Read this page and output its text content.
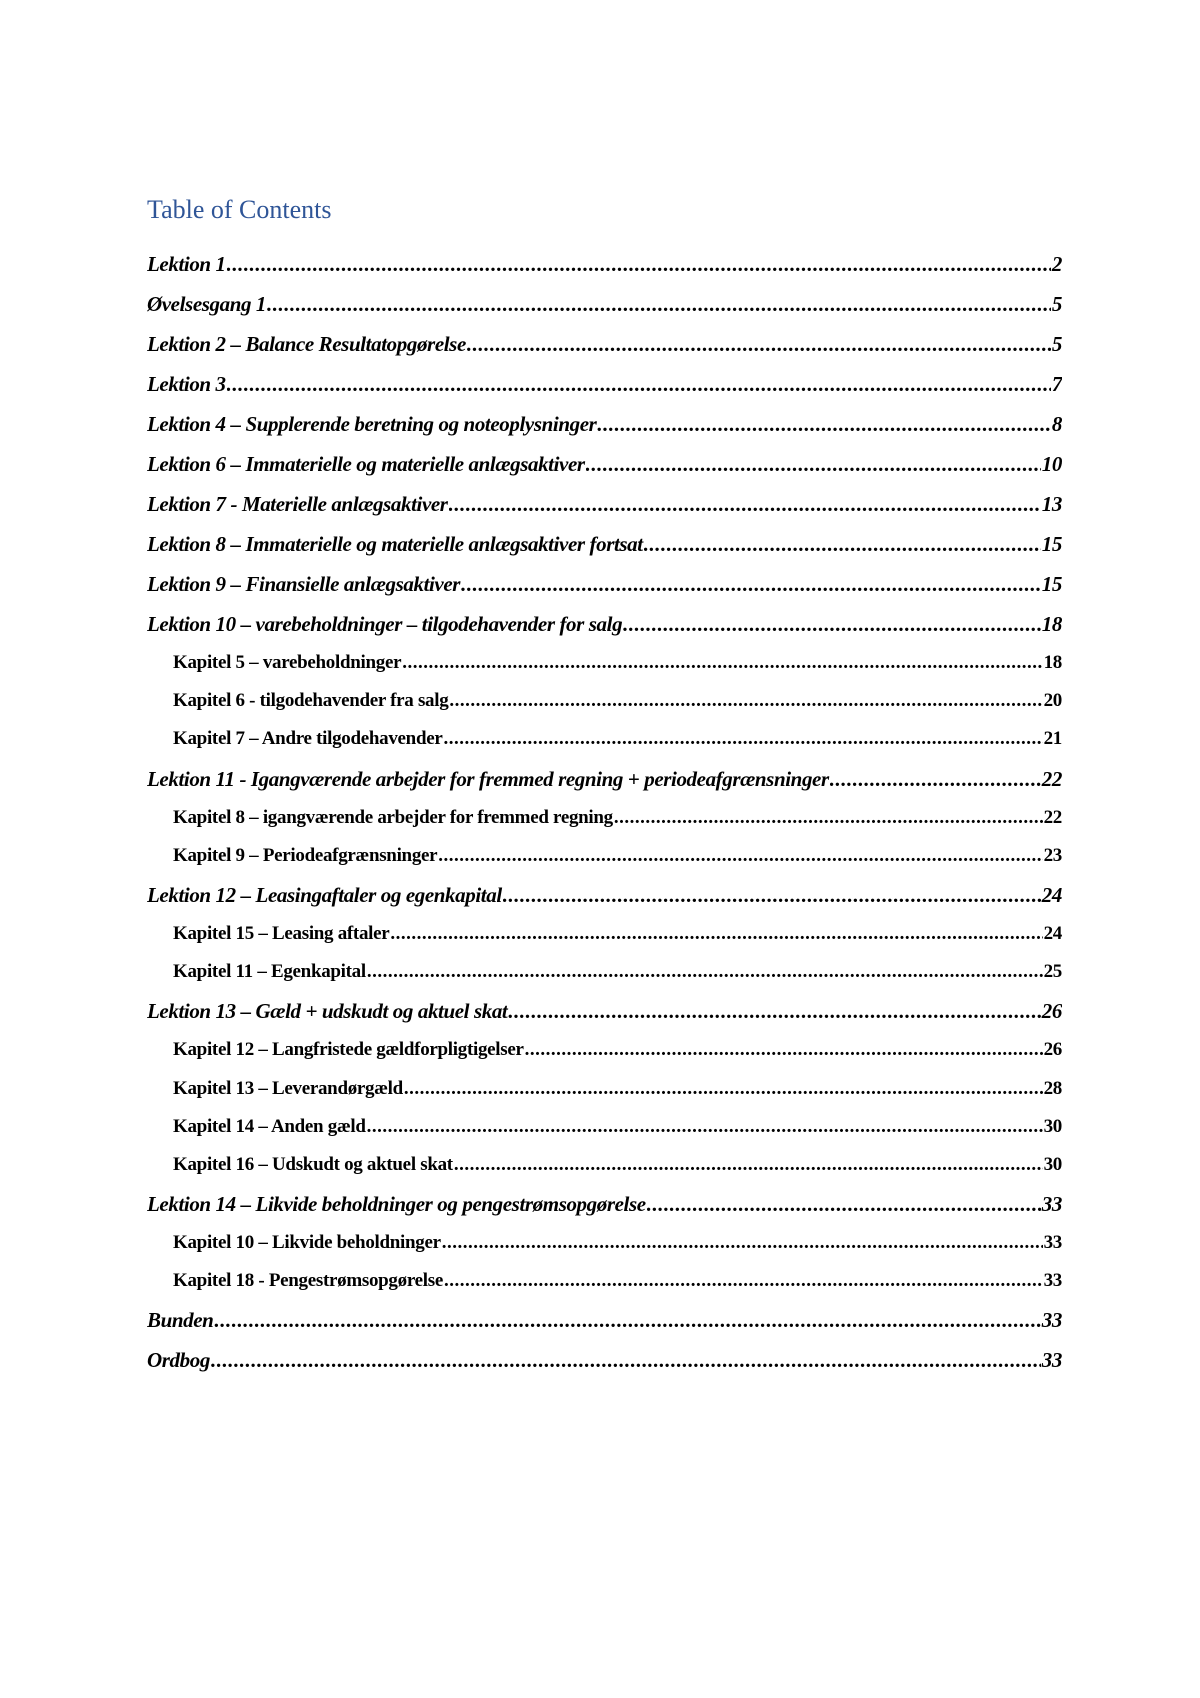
Table of Contents
Lektion 1 .....	2
Øvelsesgang 1 .....	5
Lektion 2 – Balance Resultatopgørelse .....	5
Lektion 3 .....	7
Lektion 4 – Supplerende beretning og noteoplysninger .....	8
Lektion 6 – Immaterielle og materielle anlægsaktiver .....	10
Lektion 7 - Materielle anlægsaktiver .....	13
Lektion 8 – Immaterielle og materielle anlægsaktiver fortsat .....	15
Lektion 9 – Finansielle anlægsaktiver .....	15
Lektion 10 – varebeholdninger – tilgodehavender for salg .....	18
Kapitel 5 – varebeholdninger .....	18
Kapitel 6 - tilgodehavender fra salg .....	20
Kapitel 7 – Andre tilgodehavender .....	21
Lektion 11 - Igangværende arbejder for fremmed regning + periodeafgrænsninger .....	22
Kapitel 8 – igangværende arbejder for fremmed regning .....	22
Kapitel 9 – Periodeafgrænsninger .....	23
Lektion 12 – Leasingaftaler og egenkapital .....	24
Kapitel 15 – Leasing aftaler .....	24
Kapitel 11 – Egenkapital .....	25
Lektion 13 – Gæld + udskudt og aktuel skat .....	26
Kapitel 12 – Langfristede gældforpligtigelser .....	26
Kapitel 13 – Leverandørgæld .....	28
Kapitel 14 – Anden gæld .....	30
Kapitel 16 – Udskudt og aktuel skat .....	30
Lektion 14 – Likvide beholdninger og pengestrømsopgørelse .....	33
Kapitel 10 – Likvide beholdninger .....	33
Kapitel 18 - Pengestrømsopgørelse .....	33
Bunden .....	33
Ordbog .....	33
